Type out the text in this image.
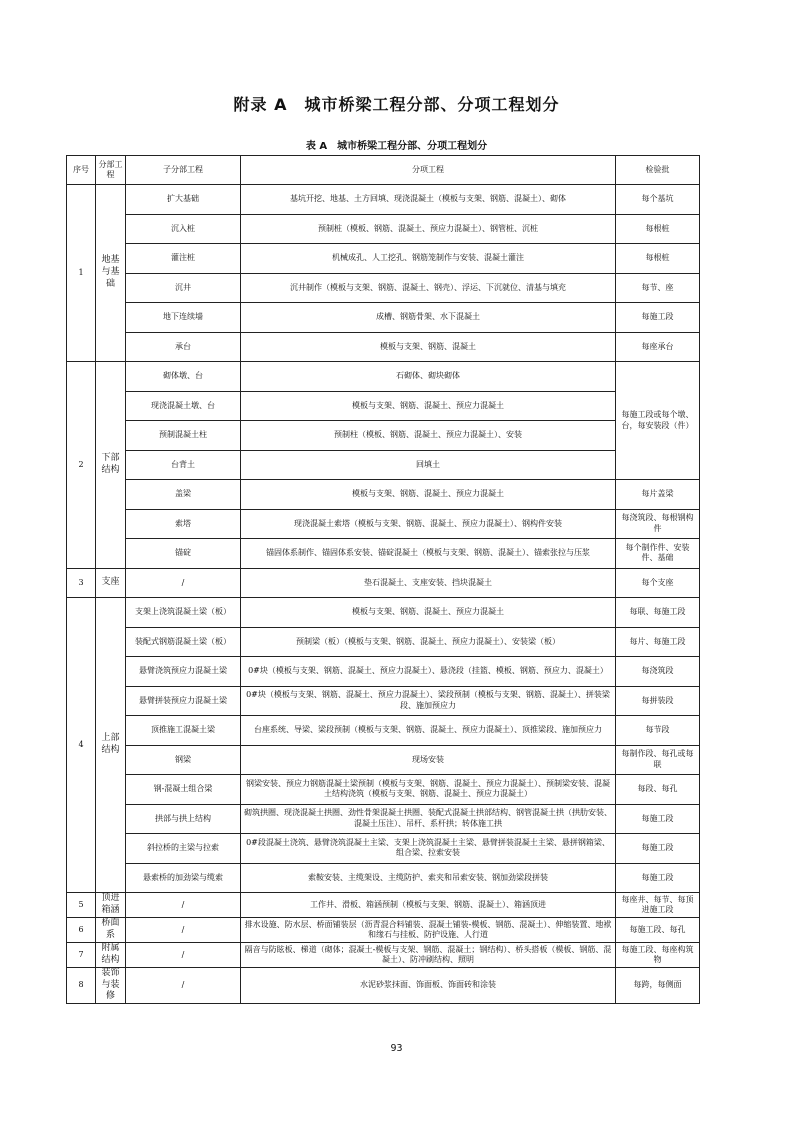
附录 A　城市桥梁工程分部、分项工程划分
表 A　城市桥梁工程分部、分项工程划分
序号	分部工程	子分部工程	分项工程	检验批
1	地基与基础	扩大基础	基坑开挖、地基、土方回填、现浇混凝土（模板与支架、钢筋、混凝土）、砌体	每个基坑
		沉入桩	预制桩（模板、钢筋、混凝土、预应力混凝土）、钢管桩、沉桩	每根桩
		灌注桩	机械成孔、人工挖孔、钢筋笼制作与安装、混凝土灌注	每根桩
		沉井	沉井制作（模板与支架、钢筋、混凝土、钢壳）、浮运、下沉就位、清基与填充	每节、座
		地下连续墙	成槽、钢筋骨架、水下混凝土	每施工段
		承台	模板与支架、钢筋、混凝土	每座承台
2	下部结构	砌体墩、台	石砌体、砌块砌体	每施工段或每个墩、台，每安装段（件）
		现浇混凝土墩、台	模板与支架、钢筋、混凝土、预应力混凝土	
		预制混凝土柱	预制柱（模板、钢筋、混凝土、预应力混凝土）、安装	
		台背土	回填土	
		盖梁	模板与支架、钢筋、混凝土、预应力混凝土	每片盖梁
		索塔	现浇混凝土索塔（模板与支架、钢筋、混凝土、预应力混凝土）、钢构件安装	每浇筑段、每根钢构件
		锚碇	锚固体系制作、锚固体系安装、锚碇混凝土（模板与支架、钢筋、混凝土）、锚索张拉与压浆	每个制作件、安装件、基础
3	支座	/	垫石混凝土、支座安装、挡块混凝土	每个支座
4	上部结构	支架上浇筑混凝土梁（板）	模板与支架、钢筋、混凝土、预应力混凝土	每联、每施工段
		装配式钢筋混凝土梁（板）	预制梁（板）（模板与支架、钢筋、混凝土、预应力混凝土）、安装梁（板）	每片、每施工段
		悬臂浇筑预应力混凝土梁	0#块（模板与支架、钢筋、混凝土、预应力混凝土）、悬浇段（挂篮、模板、钢筋、预应力、混凝土）	每浇筑段
		悬臂拼装预应力混凝土梁	0#块（模板与支架、钢筋、混凝土、预应力混凝土）、梁段预制（模板与支架、钢筋、混凝土）、拼装梁段、施加预应力	每拼装段
		顶推施工混凝土梁	台座系统、导梁、梁段预制（模板与支架、钢筋、混凝土、预应力混凝土）、顶推梁段、施加预应力	每节段
		钢梁	现场安装	每制作段、每孔或每联
		钢-混凝土组合梁	钢梁安装、预应力钢筋混凝土梁预制（模板与支架、钢筋、混凝土、预应力混凝土）、预制梁安装、混凝土结构浇筑（模板与支架、钢筋、混凝土、预应力混凝土）	每段、每孔
		拱部与拱上结构	砌筑拱圈、现浇混凝土拱圈、劲性骨架混凝土拱圈、装配式混凝土拱部结构、钢管混凝土拱（拱肋安装、混凝土压注）、吊杆、系杆拱；转体施工拱	每施工段
		斜拉桥的主梁与拉索	0#段混凝土浇筑、悬臂浇筑混凝土主梁、支架上浇筑混凝土主梁、悬臂拼装混凝土主梁、悬拼钢箱梁、组合梁、拉索安装	每施工段
		悬索桥的加劲梁与缆索	索鞍安装、主缆架设、主缆防护、索夹和吊索安装、钢加劲梁段拼装	每施工段
5	顶进箱涵	/	工作井、滑板、箱涵预制（模板与支架、钢筋、混凝土）、箱涵顶进	每座井、每节、每顶进施工段
6	桥面系	/	排水设施、防水层、桥面铺装层（沥青混合料铺装、混凝土铺装-模板、钢筋、混凝土）、伸缩装置、地袱和缘石与挂板、防护设施、人行道	每施工段、每孔
7	附属结构	/	隔音与防眩板、梯道（砌体；混凝土-模板与支架、钢筋、混凝土；钢结构）、桥头搭板（模板、钢筋、混凝土）、防冲刷结构、照明	每施工段、每座构筑物
8	装饰与装修	/	水泥砂浆抹面、饰面板、饰面砖和涂装	每跨，每侧面
93
